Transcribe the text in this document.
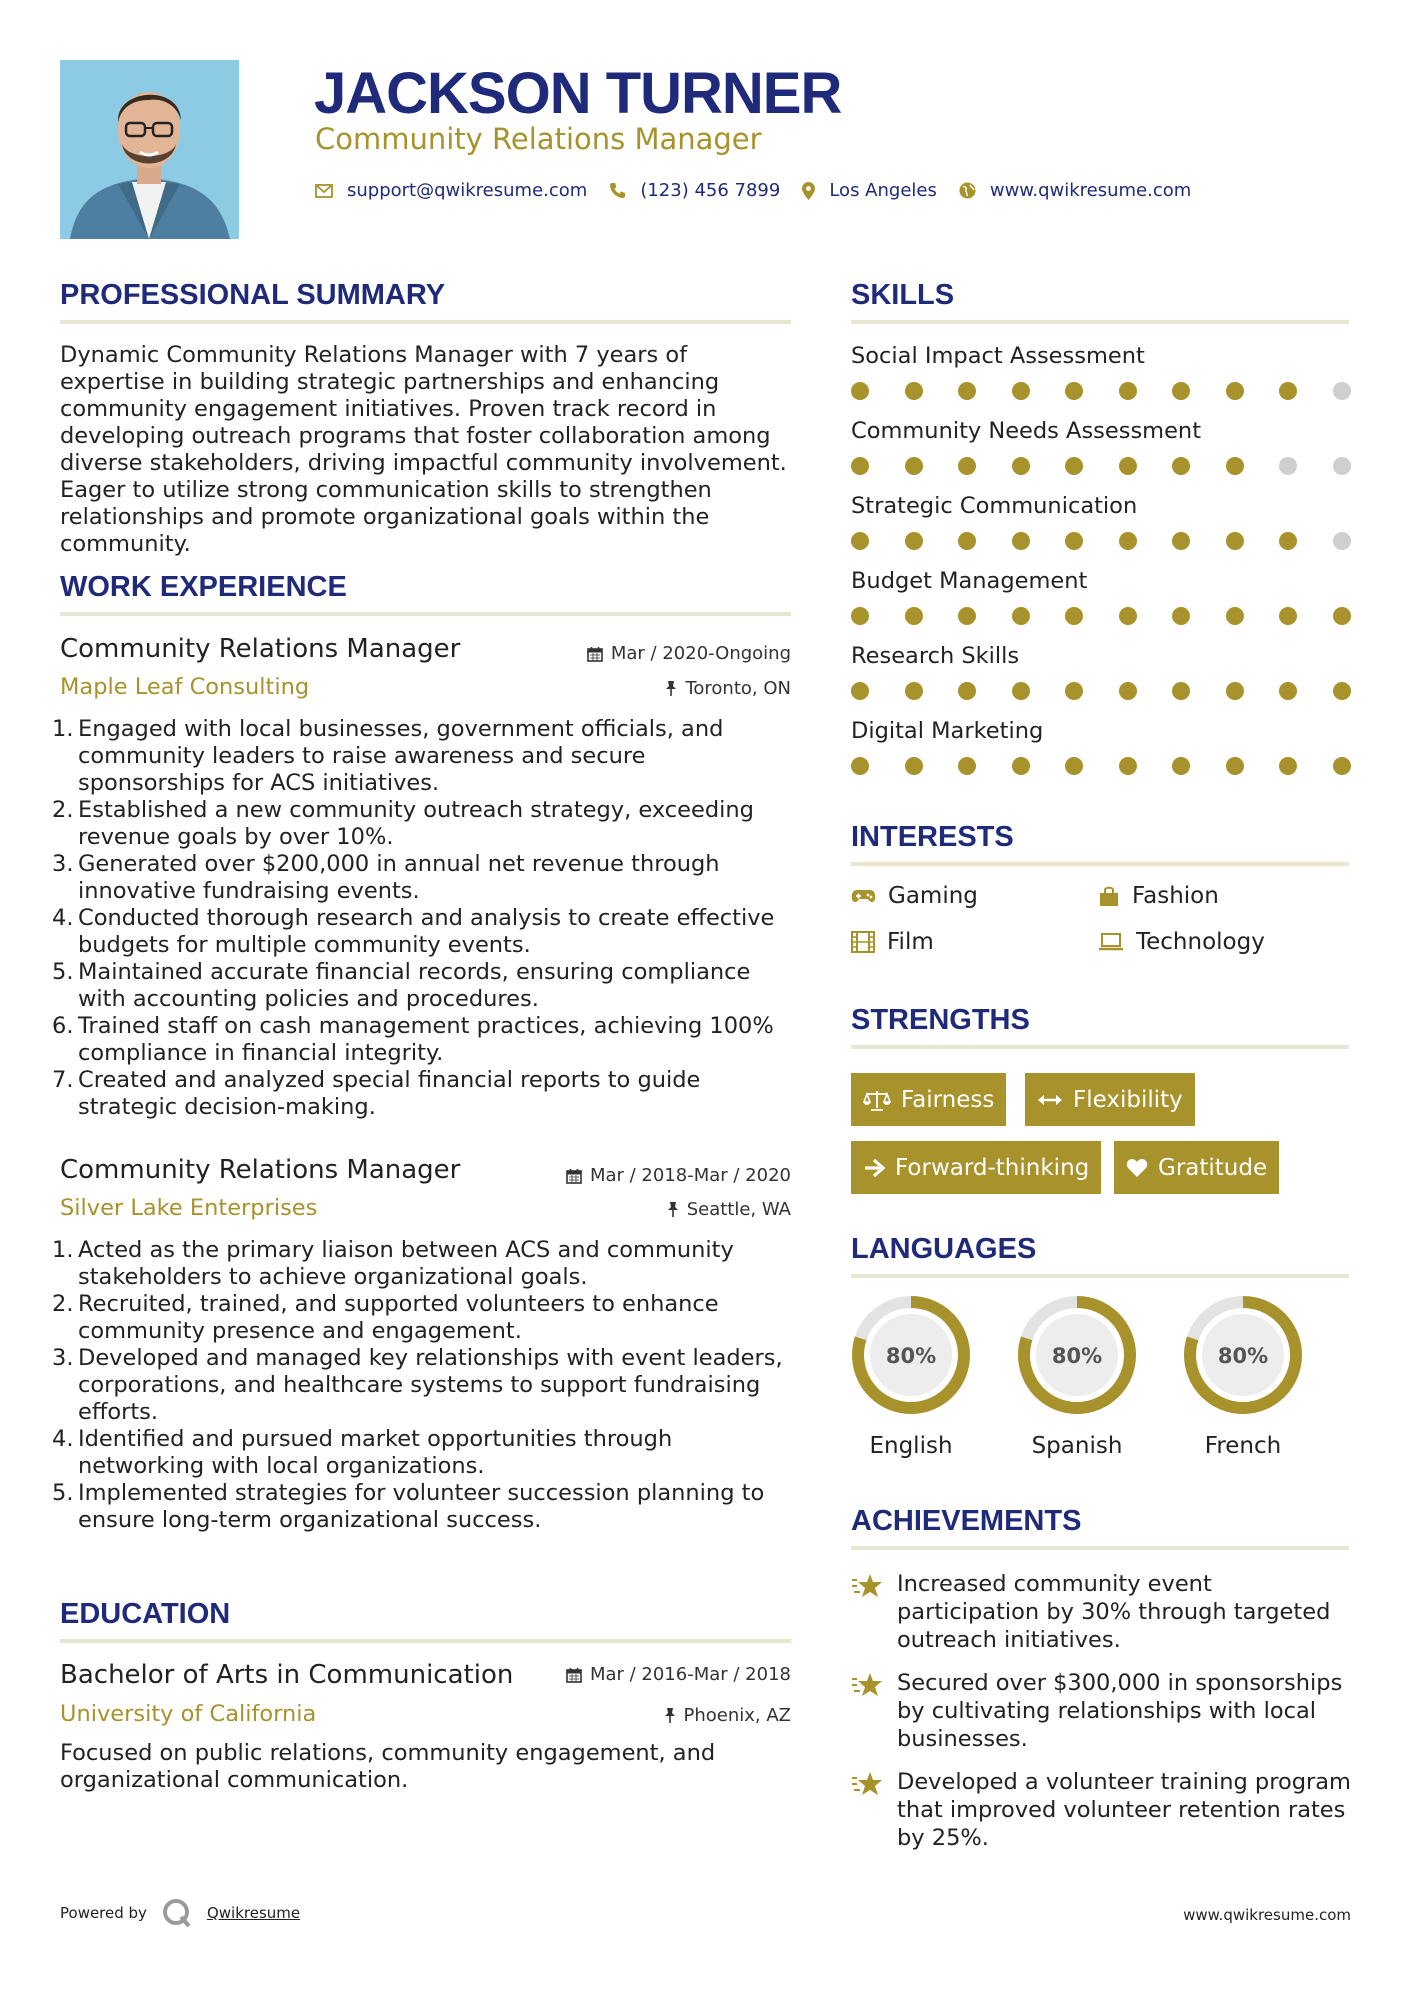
JACKSON TURNER
Community Relations Manager
support@qwikresume.com	(123) 456 7899	Los Angeles	www.qwikresume.com
PROFESSIONAL SUMMARY
Dynamic Community Relations Manager with 7 years of expertise in building strategic partnerships and enhancing community engagement initiatives. Proven track record in developing outreach programs that foster collaboration among diverse stakeholders, driving impactful community involvement. Eager to utilize strong communication skills to strengthen relationships and promote organizational goals within the community.
WORK EXPERIENCE
Community Relations Manager	Mar / 2020-Ongoing
Maple Leaf Consulting	Toronto, ON
1. Engaged with local businesses, government officials, and community leaders to raise awareness and secure sponsorships for ACS initiatives.
2. Established a new community outreach strategy, exceeding revenue goals by over 10%.
3. Generated over $200,000 in annual net revenue through innovative fundraising events.
4. Conducted thorough research and analysis to create effective budgets for multiple community events.
5. Maintained accurate financial records, ensuring compliance with accounting policies and procedures.
6. Trained staff on cash management practices, achieving 100% compliance in financial integrity.
7. Created and analyzed special financial reports to guide strategic decision-making.
Community Relations Manager	Mar / 2018-Mar / 2020
Silver Lake Enterprises	Seattle, WA
1. Acted as the primary liaison between ACS and community stakeholders to achieve organizational goals.
2. Recruited, trained, and supported volunteers to enhance community presence and engagement.
3. Developed and managed key relationships with event leaders, corporations, and healthcare systems to support fundraising efforts.
4. Identified and pursued market opportunities through networking with local organizations.
5. Implemented strategies for volunteer succession planning to ensure long-term organizational success.
EDUCATION
Bachelor of Arts in Communication	Mar / 2016-Mar / 2018
University of California	Phoenix, AZ
Focused on public relations, community engagement, and organizational communication.
SKILLS
Social Impact Assessment
Community Needs Assessment
Strategic Communication
Budget Management
Research Skills
Digital Marketing
INTERESTS
Gaming	Fashion
Film	Technology
STRENGTHS
Fairness	Flexibility
Forward-thinking	Gratitude
LANGUAGES
80%
English
80%
Spanish
80%
French
ACHIEVEMENTS
Increased community event participation by 30% through targeted outreach initiatives.
Secured over $300,000 in sponsorships by cultivating relationships with local businesses.
Developed a volunteer training program that improved volunteer retention rates by 25%.
Powered by	Qwikresume	www.qwikresume.com
